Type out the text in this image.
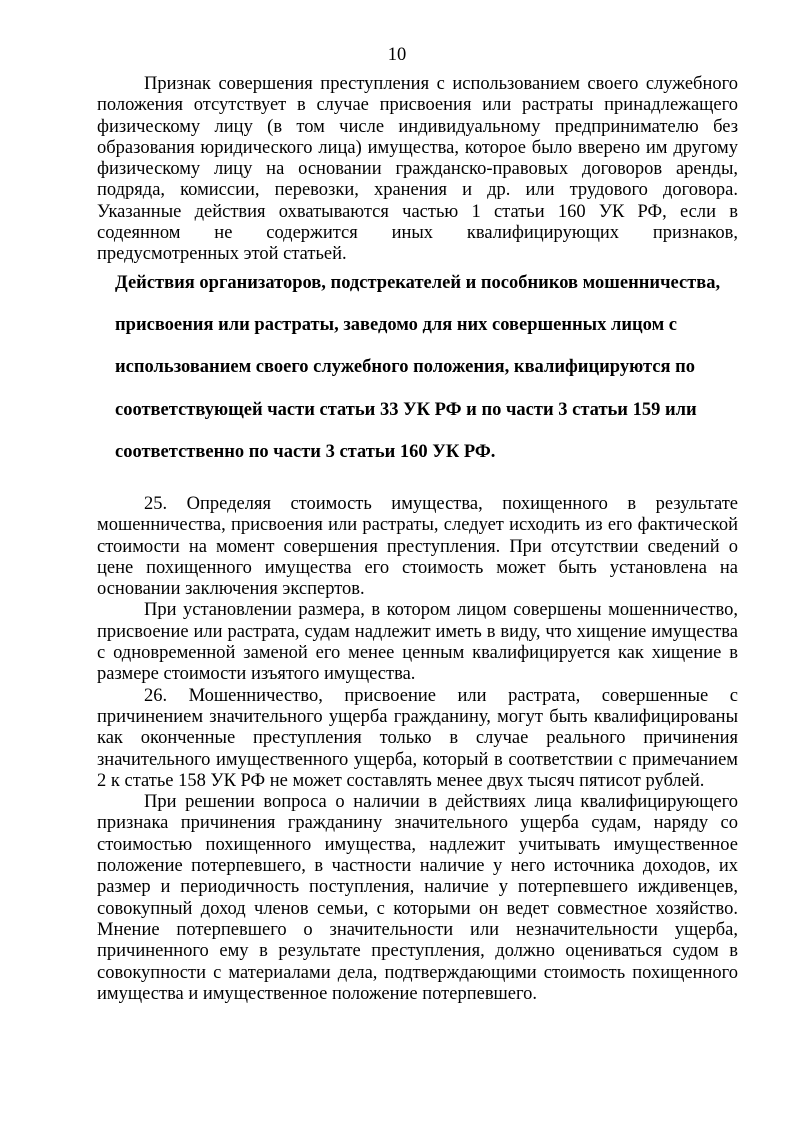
10

Признак совершения преступления с использованием своего служебного положения отсутствует в случае присвоения или растраты принадлежащего физическому лицу (в том числе индивидуальному предпринимателю без образования юридического лица) имущества, которое было вверено им другому физическому лицу на основании гражданско-правовых договоров аренды, подряда, комиссии, перевозки, хранения и др. или трудового договора. Указанные действия охватываются частью 1 статьи 160 УК РФ, если в содеянном не содержится иных квалифицирующих признаков, предусмотренных этой статьей.

Действия организаторов, подстрекателей и пособников мошенничества,

присвоения или растраты, заведомо для них совершенных лицом с

использованием своего служебного положения, квалифицируются по

соответствующей части статьи 33 УК РФ и по части 3 статьи 159 или

соответственно по части 3 статьи 160 УК РФ.

25. Определяя стоимость имущества, похищенного в результате мошенничества, присвоения или растраты, следует исходить из его фактической стоимости на момент совершения преступления. При отсутствии сведений о цене похищенного имущества его стоимость может быть установлена на основании заключения экспертов.

При установлении размера, в котором лицом совершены мошенничество, присвоение или растрата, судам надлежит иметь в виду, что хищение имущества с одновременной заменой его менее ценным квалифицируется как хищение в размере стоимости изъятого имущества.

26. Мошенничество, присвоение или растрата, совершенные с причинением значительного ущерба гражданину, могут быть квалифицированы как оконченные преступления только в случае реального причинения значительного имущественного ущерба, который в соответствии с примечанием 2 к статье 158 УК РФ не может составлять менее двух тысяч пятисот рублей.

При решении вопроса о наличии в действиях лица квалифицирующего признака причинения гражданину значительного ущерба судам, наряду со стоимостью похищенного имущества, надлежит учитывать имущественное положение потерпевшего, в частности наличие у него источника доходов, их размер и периодичность поступления, наличие у потерпевшего иждивенцев, совокупный доход членов семьи, с которыми он ведет совместное хозяйство. Мнение потерпевшего о значительности или незначительности ущерба, причиненного ему в результате преступления, должно оцениваться судом в совокупности с материалами дела, подтверждающими стоимость похищенного имущества и имущественное положение потерпевшего.
